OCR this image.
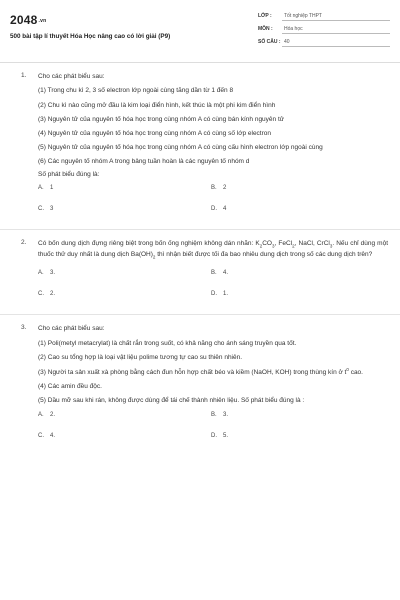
2048.vn
500 bài tập lí thuyết Hóa Học nâng cao có lời giải (P9)
LỚP :	Tốt nghiệp THPT
MÔN :	Hóa học
SỐ CÂU : 40
1. Cho các phát biểu sau:
(1) Trong chu kì 2, 3 số electron lớp ngoài cùng tăng dần từ 1 đến 8
(2) Chu kì nào cũng mở đầu là kim loại điển hình, kết thúc là một phi kim điển hình
(3) Nguyên tử của nguyên tố hóa học trong cùng nhóm A có cùng bán kính nguyên tử
(4) Nguyên tử của nguyên tố hóa học trong cùng nhóm A có cùng số lớp electron
(5) Nguyên tử của nguyên tố hóa học trong cùng nhóm A có cùng cấu hình electron lớp ngoài cùng
(6) Các nguyên tố nhóm A trong bảng tuần hoàn là các nguyên tố nhóm d
Số phát biểu đúng là:
A. 1	B. 2
C. 3	D. 4
2. Có bốn dung dịch đựng riêng biệt trong bốn ống nghiệm không dán nhãn: $K_2CO_3$, FeCl$_2$, NaCl, CrCl$_3$. Nếu chỉ dùng một thuốc thử duy nhất là dung dịch $Ba(OH)_2$ thì nhận biết được tối đa bao nhiêu dung dịch trong số các dung dịch trên?
A. 3.	B. 4.
C. 2.	D. 1.
3. Cho các phát biểu sau:
(1) Poli(metyl metacrylat) là chất rắn trong suốt, có khả năng cho ánh sáng truyền qua tốt.
(2) Cao su tổng hợp là loại vật liệu polime tương tự cao su thiên nhiên.
(3) Người ta sản xuất xà phòng bằng cách đun hỗn hợp chất béo và kiềm (NaOH, KOH) trong thùng kín ở $t^0$ cao.
(4) Các amin đều độc.
(5) Dầu mỡ sau khi rán, không được dùng để tái chế thành nhiên liệu. Số phát biểu đúng là :
A. 2.	B. 3.
C. 4.	D. 5.
